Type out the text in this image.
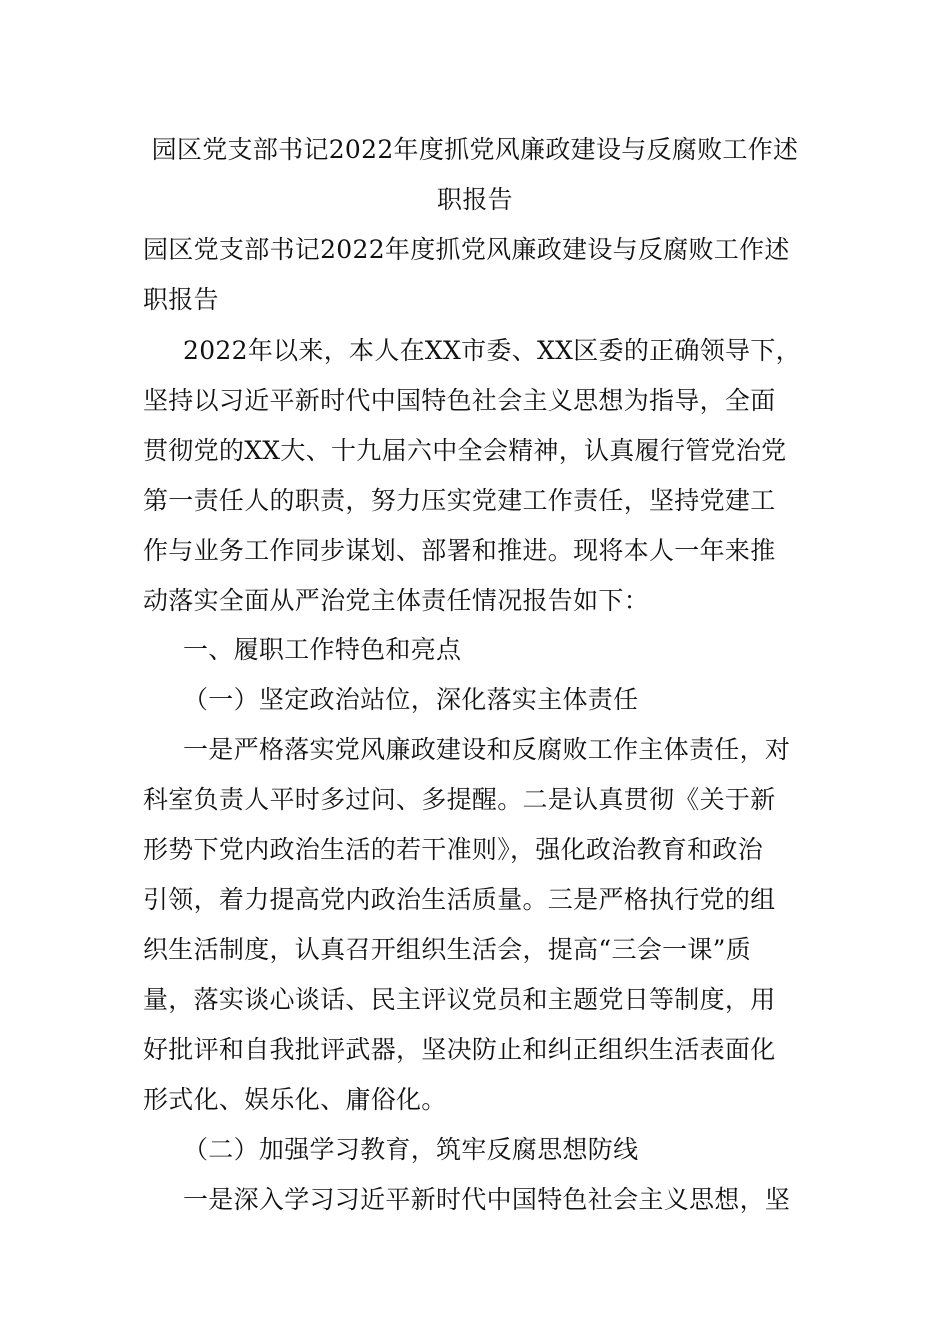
园区党支部书记2022年度抓党风廉政建设与反腐败工作述
职报告
园区党支部书记2022年度抓党风廉政建设与反腐败工作述
职报告
2022年以来，本人在XX市委、XX区委的正确领导下，
坚持以习近平新时代中国特色社会主义思想为指导，全面
贯彻党的XX大、十九届六中全会精神，认真履行管党治党
第一责任人的职责，努力压实党建工作责任，坚持党建工
作与业务工作同步谋划、部署和推进。现将本人一年来推
动落实全面从严治党主体责任情况报告如下：
一、履职工作特色和亮点
（一）坚定政治站位，深化落实主体责任
一是严格落实党风廉政建设和反腐败工作主体责任，对
科室负责人平时多过问、多提醒。二是认真贯彻《关于新
形势下党内政治生活的若干准则》，强化政治教育和政治
引领，着力提高党内政治生活质量。三是严格执行党的组
织生活制度，认真召开组织生活会，提高“三会一课”质
量，落实谈心谈话、民主评议党员和主题党日等制度，用
好批评和自我批评武器，坚决防止和纠正组织生活表面化
形式化、娱乐化、庸俗化。
（二）加强学习教育，筑牢反腐思想防线
一是深入学习习近平新时代中国特色社会主义思想，坚
